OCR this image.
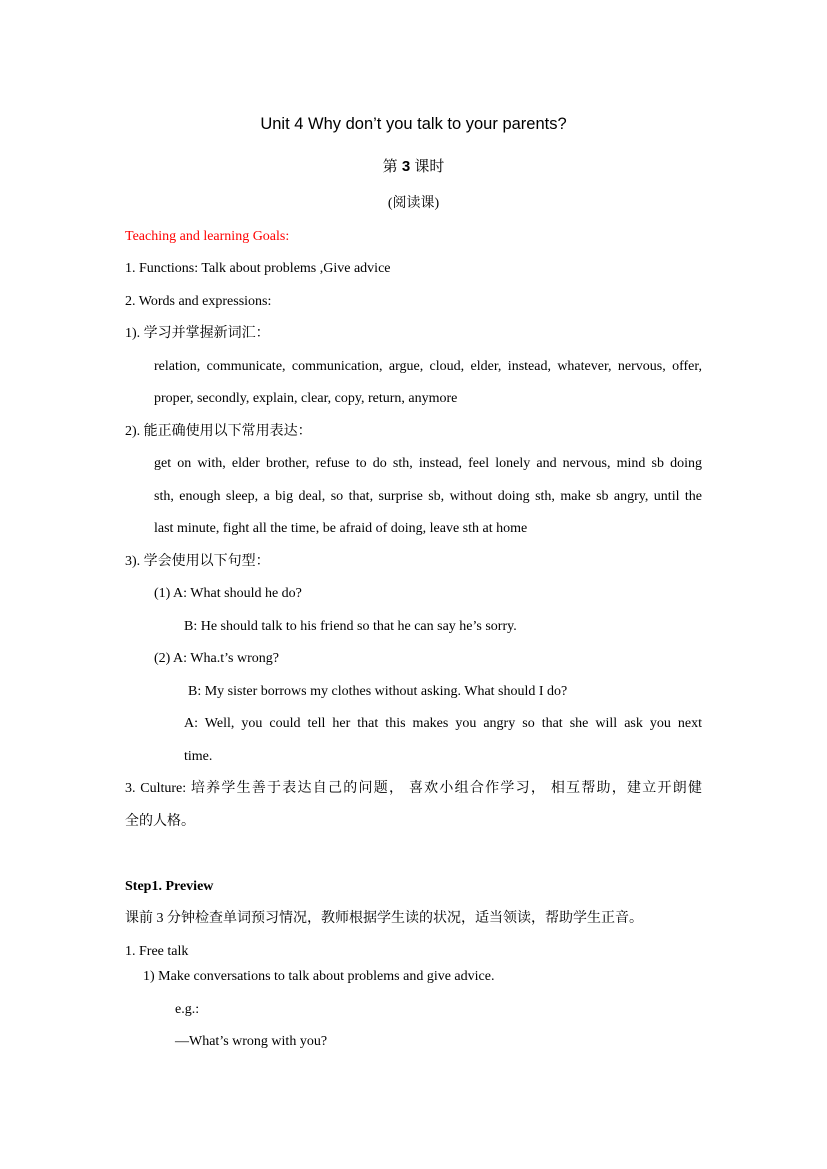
Unit 4 Why don’t you talk to your parents?
第 3 课时
(阅读课)
Teaching and learning Goals:
1. Functions: Talk about problems ,Give advice
2. Words and expressions:
1). 学习并掌握新词汇：
relation, communicate, communication, argue, cloud, elder, instead, whatever, nervous, offer,
proper, secondly, explain, clear, copy, return, anymore
2). 能正确使用以下常用表达：
get on with, elder brother, refuse to do sth, instead, feel lonely and nervous, mind sb doing
sth, enough sleep, a big deal, so that, surprise sb, without doing sth, make sb angry, until the
last minute, fight all the time, be afraid of doing, leave sth at home
3). 学会使用以下句型：
(1) A: What should he do?
B: He should talk to his friend so that he can say he’s sorry.
(2) A: Wha.t’s wrong?
B: My sister borrows my clothes without asking. What should I do?
A: Well, you could tell her that this makes you angry so that she will ask you next
time.
3. Culture: 培养学生善于表达自己的问题， 喜欢小组合作学习， 相互帮助，建立开朗健
全的人格。
Step1. Preview
课前 3 分钟检查单词预习情况，教师根据学生读的状况，适当领读，帮助学生正音。
1. Free talk
1) Make conversations to talk about problems and give advice.
e.g.:
—What’s wrong with you?
